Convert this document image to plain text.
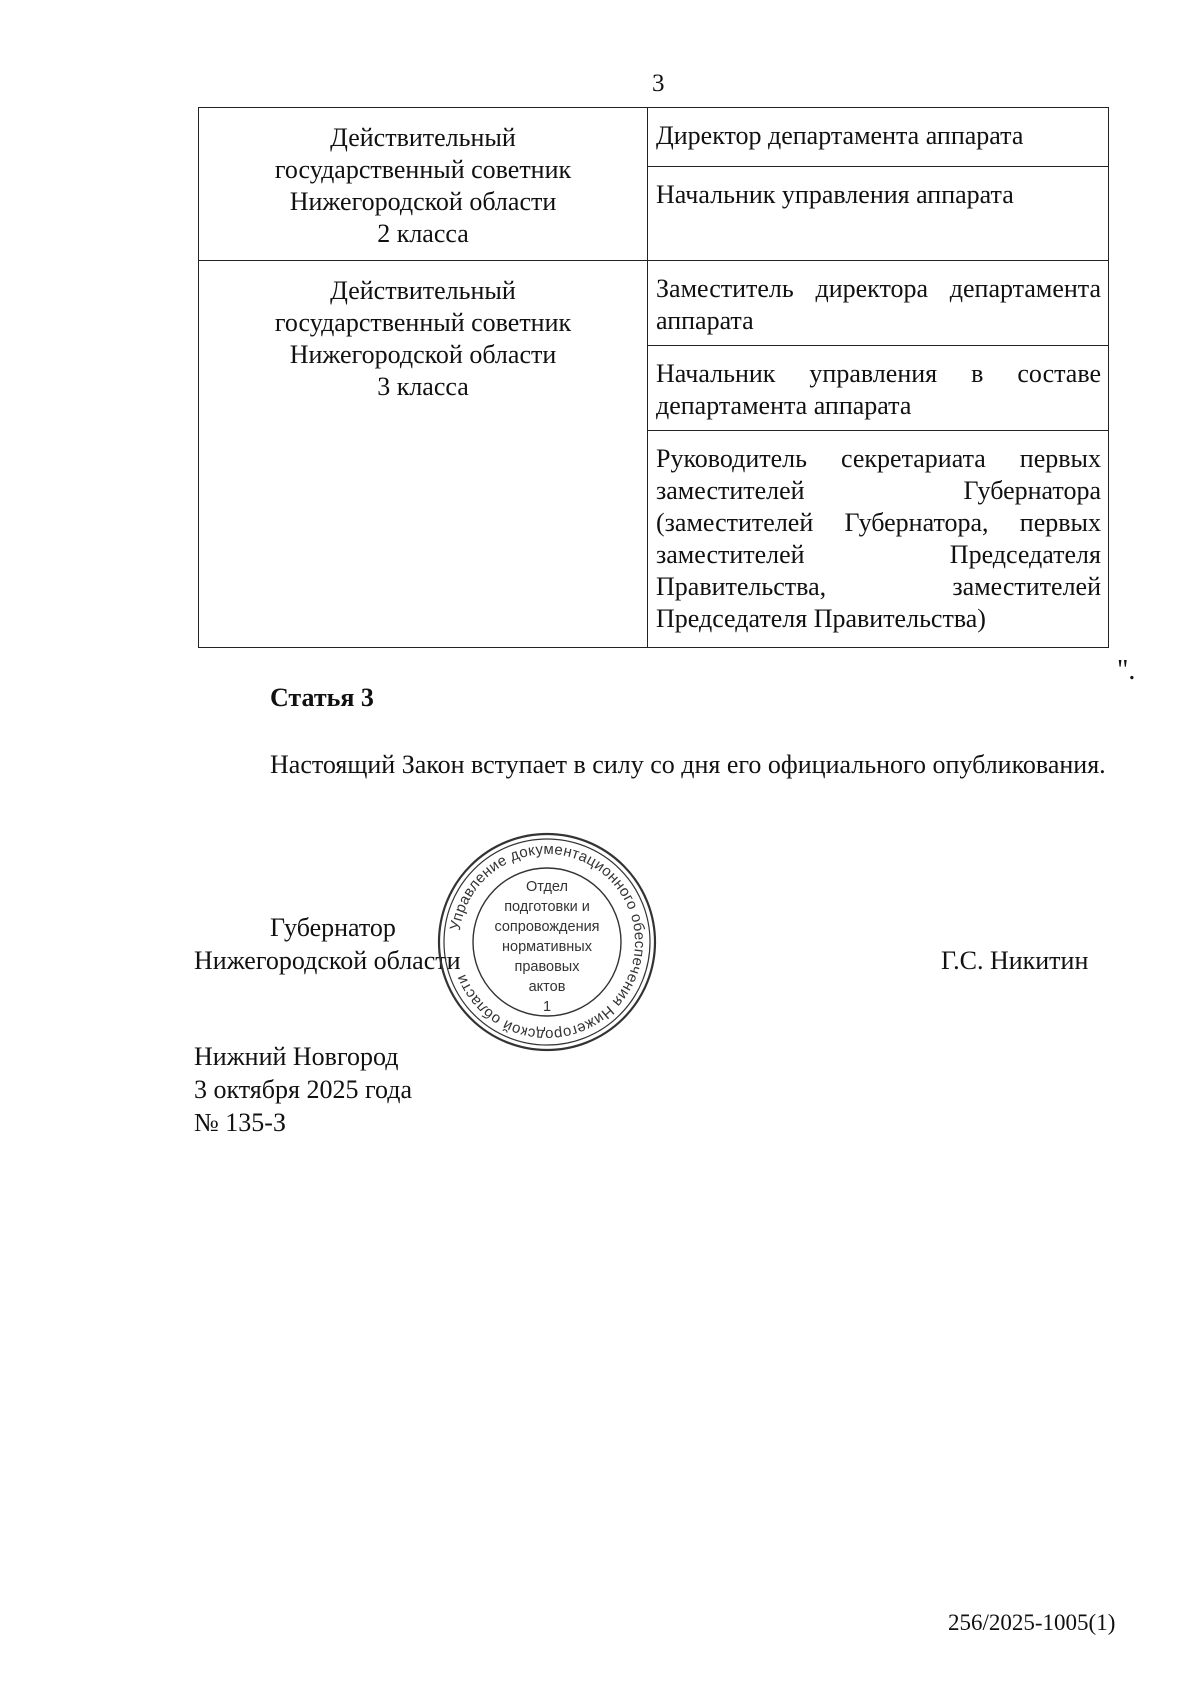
3
Действительный
государственный советник
Нижегородской области
2 класса	Директор департамента аппарата
	Начальник управления аппарата

Действительный
государственный советник
Нижегородской области
3 класса	Заместитель директора департамента аппарата
	Начальник управления в составе департамента аппарата
	Руководитель секретариата первых заместителей Губернатора (заместителей Губернатора, первых заместителей Председателя Правительства, заместителей Председателя Правительства)
".
Статья 3
Настоящий Закон вступает в силу со дня его официального опубликования.
Губернатор
Нижегородской области	Г.С. Никитин
Управление документационного обеспечения Нижегородской области
Отдел
подготовки и
сопровождения
нормативных
правовых
актов
1
Нижний Новгород
3 октября 2025 года
№ 135-З
256/2025-1005(1)
